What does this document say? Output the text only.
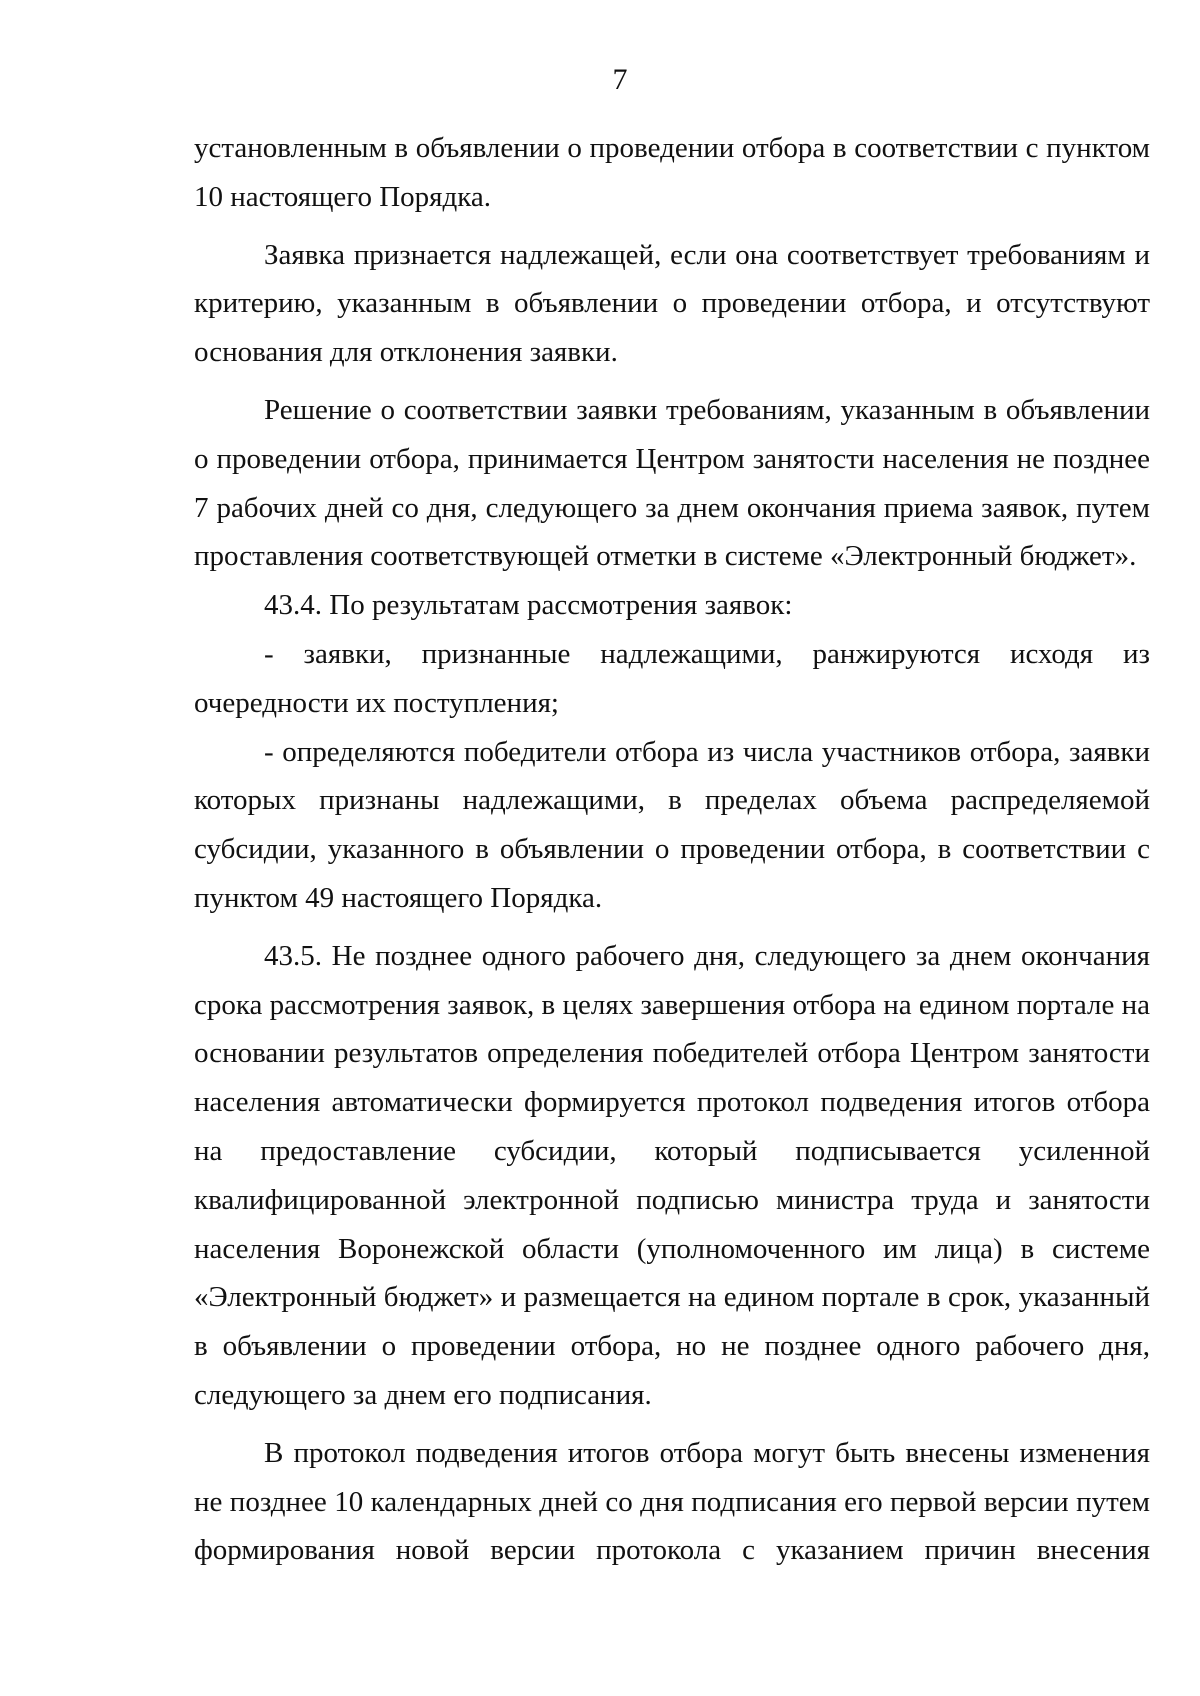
7

установленным в объявлении о проведении отбора в соответствии с пунктом 10 настоящего Порядка.

Заявка признается надлежащей, если она соответствует требованиям и критерию, указанным в объявлении о проведении отбора, и отсутствуют основания для отклонения заявки.

Решение о соответствии заявки требованиям, указанным в объявлении о проведении отбора, принимается Центром занятости населения не позднее 7 рабочих дней со дня, следующего за днем окончания приема заявок, путем проставления соответствующей отметки в системе «Электронный бюджет».

43.4. По результатам рассмотрения заявок:

- заявки, признанные надлежащими, ранжируются исходя из очередности их поступления;

- определяются победители отбора из числа участников отбора, заявки которых признаны надлежащими, в пределах объема распределяемой субсидии, указанного в объявлении о проведении отбора, в соответствии с пунктом 49 настоящего Порядка.

43.5. Не позднее одного рабочего дня, следующего за днем окончания срока рассмотрения заявок, в целях завершения отбора на едином портале на основании результатов определения победителей отбора Центром занятости населения автоматически формируется протокол подведения итогов отбора на предоставление субсидии, который подписывается усиленной квалифицированной электронной подписью министра труда и занятости населения Воронежской области (уполномоченного им лица) в системе «Электронный бюджет» и размещается на едином портале в срок, указанный в объявлении о проведении отбора, но не позднее одного рабочего дня, следующего за днем его подписания.

В протокол подведения итогов отбора могут быть внесены изменения не позднее 10 календарных дней со дня подписания его первой версии путем формирования новой версии протокола с указанием причин внесения
